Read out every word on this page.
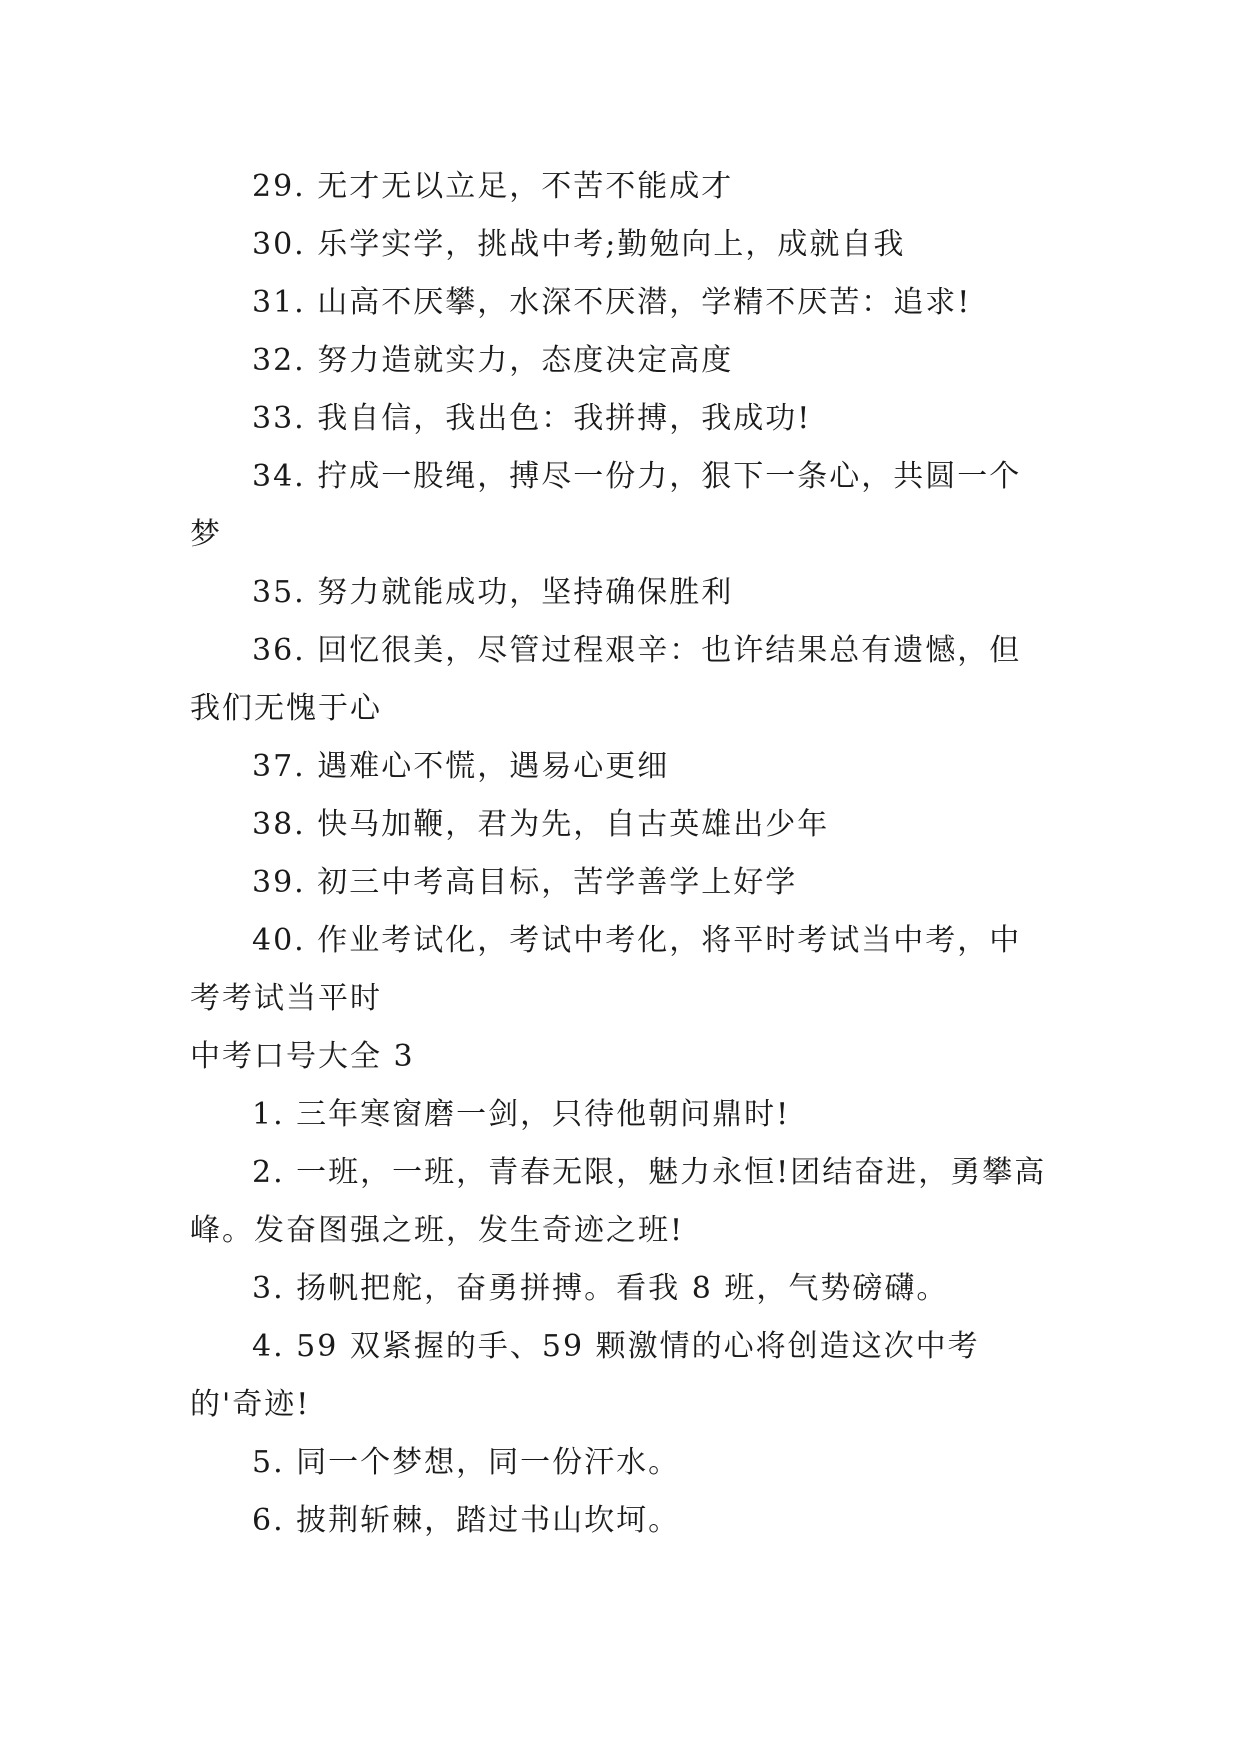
29. 无才无以立足，不苦不能成才

30. 乐学实学，挑战中考;勤勉向上，成就自我

31. 山高不厌攀，水深不厌潜，学精不厌苦：追求!

32. 努力造就实力，态度决定高度

33. 我自信，我出色：我拼搏，我成功!

34. 拧成一股绳，搏尽一份力，狠下一条心，共圆一个梦

35. 努力就能成功，坚持确保胜利

36. 回忆很美，尽管过程艰辛：也许结果总有遗憾，但我们无愧于心

37. 遇难心不慌，遇易心更细

38. 快马加鞭，君为先，自古英雄出少年

39. 初三中考高目标，苦学善学上好学

40. 作业考试化，考试中考化，将平时考试当中考，中考考试当平时

中考口号大全 3

1. 三年寒窗磨一剑，只待他朝问鼎时!

2. 一班，一班，青春无限，魅力永恒!团结奋进，勇攀高峰。发奋图强之班，发生奇迹之班!

3. 扬帆把舵，奋勇拼搏。看我 8 班，气势磅礴。

4. 59 双紧握的手、59 颗激情的心将创造这次中考的'奇迹!

5. 同一个梦想，同一份汗水。

6. 披荆斩棘，踏过书山坎坷。
